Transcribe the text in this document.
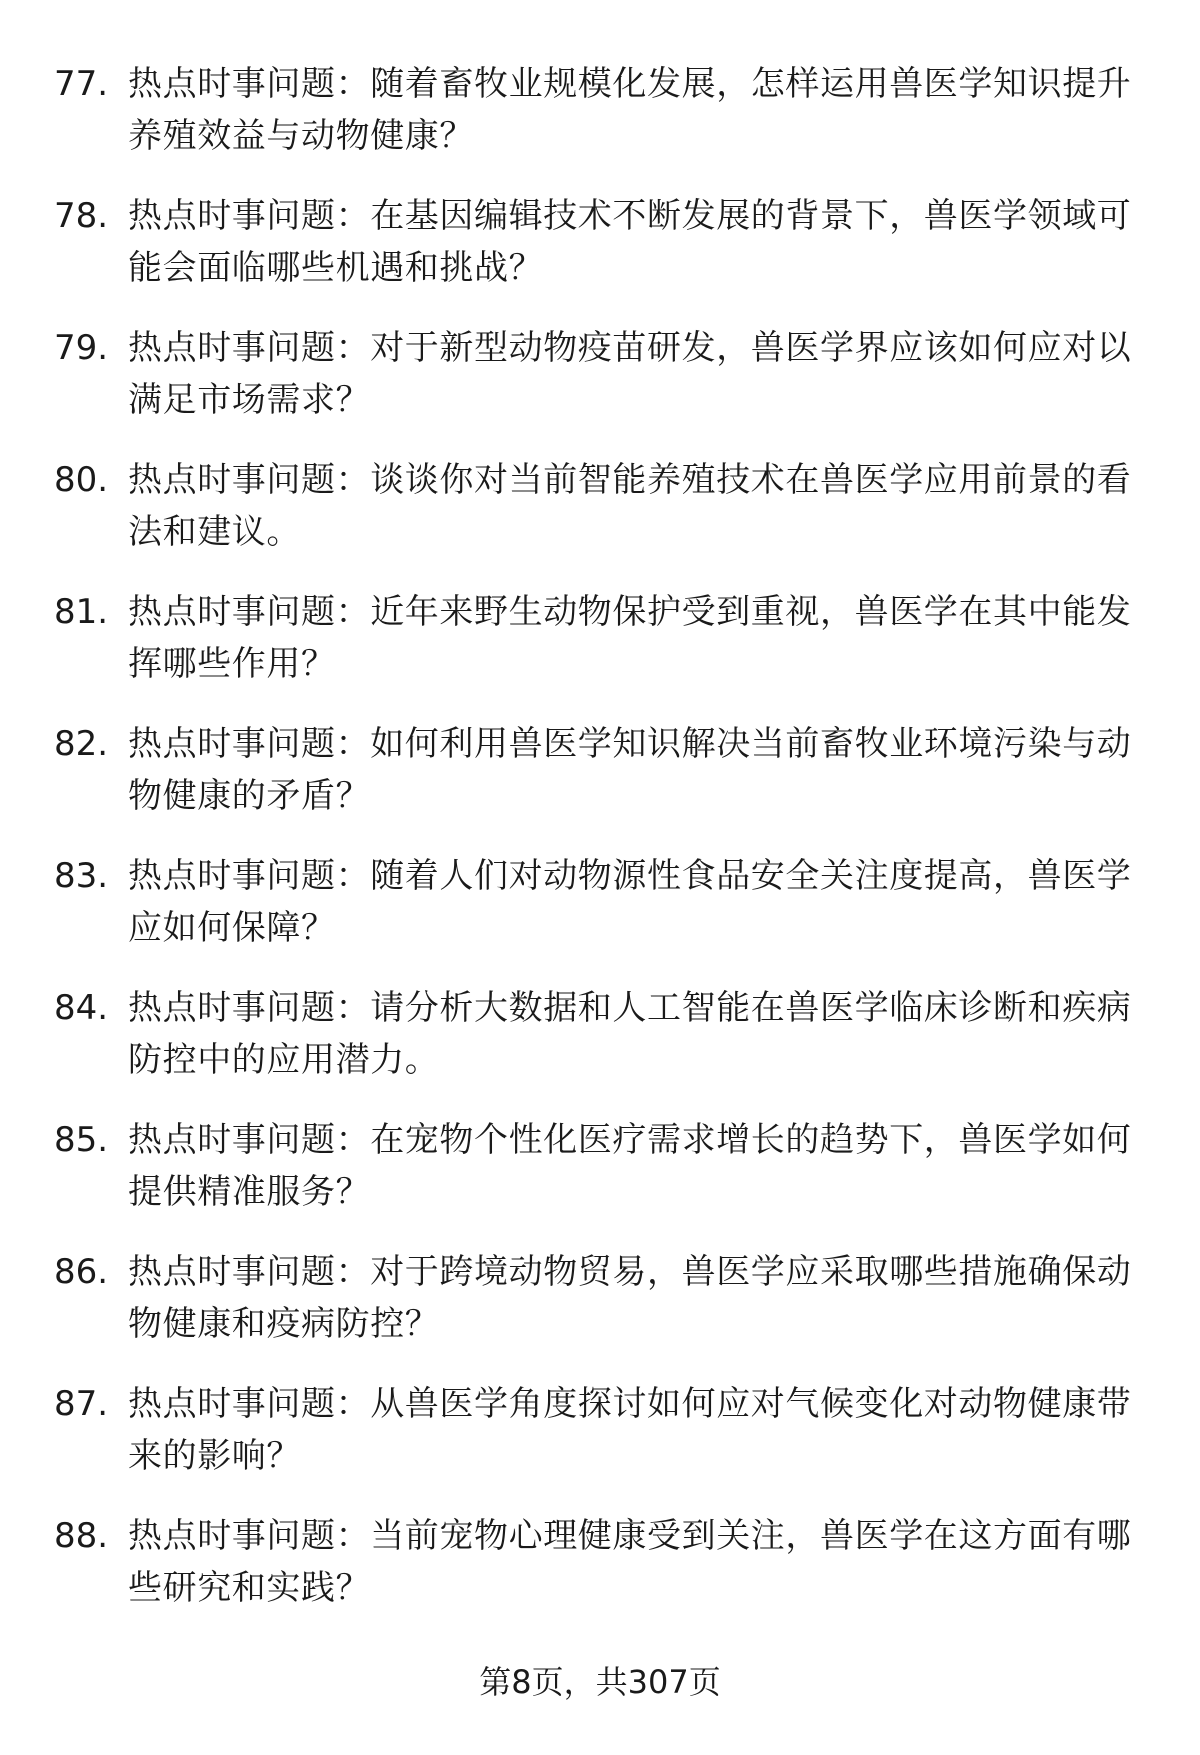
77. 热点时事问题：随着畜牧业规模化发展，怎样运用兽医学知识提升养殖效益与动物健康？
78. 热点时事问题：在基因编辑技术不断发展的背景下，兽医学领域可能会面临哪些机遇和挑战？
79. 热点时事问题：对于新型动物疫苗研发，兽医学界应该如何应对以满足市场需求？
80. 热点时事问题：谈谈你对当前智能养殖技术在兽医学应用前景的看法和建议。
81. 热点时事问题：近年来野生动物保护受到重视，兽医学在其中能发挥哪些作用？
82. 热点时事问题：如何利用兽医学知识解决当前畜牧业环境污染与动物健康的矛盾？
83. 热点时事问题：随着人们对动物源性食品安全关注度提高，兽医学应如何保障？
84. 热点时事问题：请分析大数据和人工智能在兽医学临床诊断和疾病防控中的应用潜力。
85. 热点时事问题：在宠物个性化医疗需求增长的趋势下，兽医学如何提供精准服务？
86. 热点时事问题：对于跨境动物贸易，兽医学应采取哪些措施确保动物健康和疫病防控？
87. 热点时事问题：从兽医学角度探讨如何应对气候变化对动物健康带来的影响？
88. 热点时事问题：当前宠物心理健康受到关注，兽医学在这方面有哪些研究和实践？
第8页，共307页
